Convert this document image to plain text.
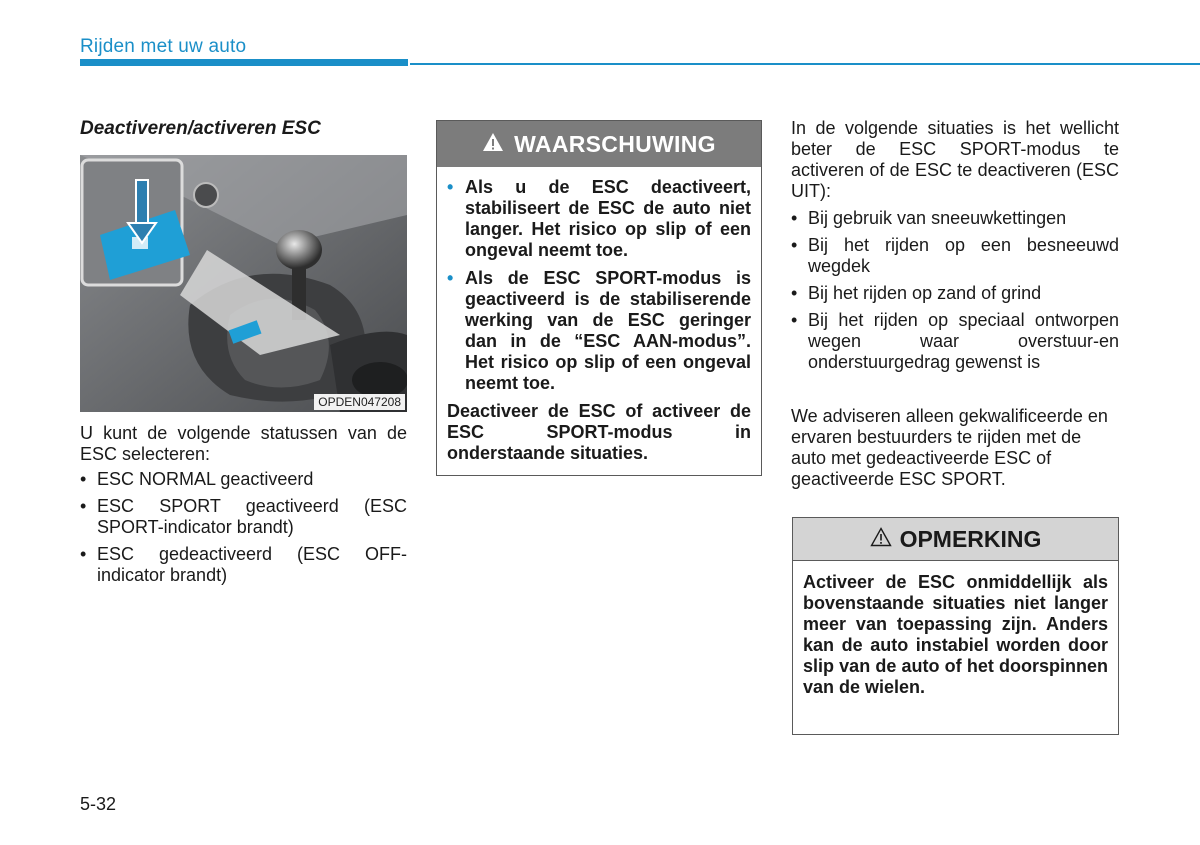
Rijden met uw auto
Deactiveren/activeren ESC
OPDEN047208
U kunt de volgende statussen van de ESC selecteren:
• ESC NORMAL geactiveerd
• ESC SPORT geactiveerd (ESC SPORT-indicator brandt)
• ESC gedeactiveerd (ESC OFF-indicator brandt)
WAARSCHUWING
• Als u de ESC deactiveert, stabiliseert de ESC de auto niet langer. Het risico op slip of een ongeval neemt toe.
• Als de ESC SPORT-modus is geactiveerd is de stabiliserende werking van de ESC geringer dan in de “ESC AAN-modus”. Het risico op slip of een ongeval neemt toe.
Deactiveer de ESC of activeer de ESC SPORT-modus in onderstaande situaties.
In de volgende situaties is het wellicht beter de ESC SPORT-modus te activeren of de ESC te deactiveren (ESC UIT):
• Bij gebruik van sneeuwkettingen
• Bij het rijden op een besneeuwd wegdek
• Bij het rijden op zand of grind
• Bij het rijden op speciaal ontworpen wegen waar overstuur-en onderstuurgedrag gewenst is
We adviseren alleen gekwalificeerde en ervaren bestuurders te rijden met de auto met gedeactiveerde ESC of geactiveerde ESC SPORT.
OPMERKING
Activeer de ESC onmiddellijk als bovenstaande situaties niet langer meer van toepassing zijn. Anders kan de auto instabiel worden door slip van de auto of het doorspinnen van de wielen.
5-32
